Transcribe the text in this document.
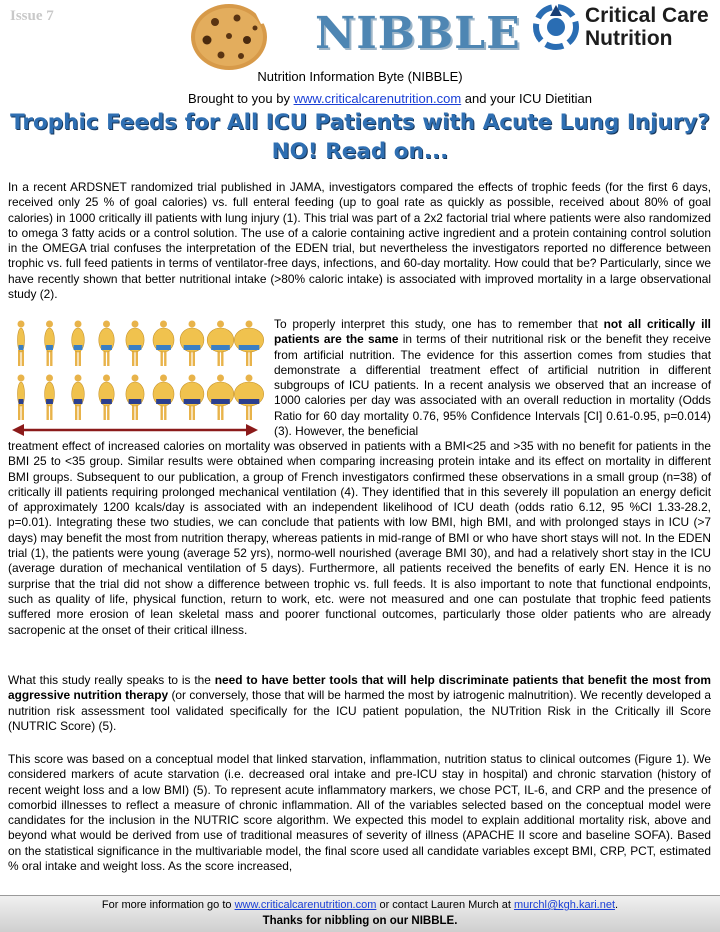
Issue 7	NIBBLE	Critical Care
Nutrition
Nutrition Information Byte (NIBBLE)
Brought to you by www.criticalcarenutrition.com and your ICU Dietitian
Trophic Feeds for All ICU Patients with Acute Lung Injury?
NO! Read on...

In a recent ARDSNET randomized trial published in JAMA, investigators compared the effects of trophic feeds (for the first 6 days, received only 25 % of goal calories) vs. full enteral feeding (up to goal rate as quickly as possible, received about 80% of goal calories) in 1000 critically ill patients with lung injury (1). This trial was part of a 2x2 factorial trial where patients were also randomized to omega 3 fatty acids or a control solution. The use of a calorie containing active ingredient and a protein containing control solution in the OMEGA trial confuses the interpretation of the EDEN trial, but nevertheless the investigators reported no difference between trophic vs. full feed patients in terms of ventilator-free days, infections, and 60-day mortality. How could that be? Particularly, since we have recently shown that better nutritional intake (>80% caloric intake) is associated with improved mortality in a large observational study (2).

To properly interpret this study, one has to remember that not all critically ill patients are the same in terms of their nutritional risk or the benefit they receive from artificial nutrition. The evidence for this assertion comes from studies that demonstrate a differential treatment effect of artificial nutrition in different subgroups of ICU patients. In a recent analysis we observed that an increase of 1000 calories per day was associated with an overall reduction in mortality (Odds Ratio for 60 day mortality 0.76, 95% Confidence Intervals [CI] 0.61-0.95, p=0.014) (3). However, the beneficial

treatment effect of increased calories on mortality was observed in patients with a BMI<25 and >35 with no benefit for patients in the BMI 25 to <35 group. Similar results were obtained when comparing increasing protein intake and its effect on mortality in different BMI groups. Subsequent to our publication, a group of French investigators confirmed these observations in a small group (n=38) of critically ill patients requiring prolonged mechanical ventilation (4). They identified that in this severely ill population an energy deficit of approximately 1200 kcals/day is associated with an independent likelihood of ICU death (odds ratio 6.12, 95 %CI 1.33-28.2, p=0.01). Integrating these two studies, we can conclude that patients with low BMI, high BMI, and with prolonged stays in ICU (>7 days) may benefit the most from nutrition therapy, whereas patients in mid-range of BMI or who have short stays will not. In the EDEN trial (1), the patients were young (average 52 yrs), normo-well nourished (average BMI 30), and had a relatively short stay in the ICU (average duration of mechanical ventilation of 5 days). Furthermore, all patients received the benefits of early EN. Hence it is no surprise that the trial did not show a difference between trophic vs. full feeds. It is also important to note that functional endpoints, such as quality of life, physical function, return to work, etc. were not measured and one can postulate that trophic feed patients suffered more erosion of lean skeletal mass and poorer functional outcomes, particularly those older patients who are already sacropenic at the onset of their critical illness.

What this study really speaks to is the need to have better tools that will help discriminate patients that benefit the most from aggressive nutrition therapy (or conversely, those that will be harmed the most by iatrogenic malnutrition). We recently developed a nutrition risk assessment tool validated specifically for the ICU patient population, the NUTrition Risk in the Critically ill Score (NUTRIC Score) (5).

This score was based on a conceptual model that linked starvation, inflammation, nutrition status to clinical outcomes (Figure 1). We considered markers of acute starvation (i.e. decreased oral intake and pre-ICU stay in hospital) and chronic starvation (history of recent weight loss and a low BMI) (5). To represent acute inflammatory markers, we chose PCT, IL-6, and CRP and the presence of comorbid illnesses to reflect a measure of chronic inflammation. All of the variables selected based on the conceptual model were candidates for the inclusion in the NUTRIC score algorithm. We expected this model to explain additional mortality risk, above and beyond what would be derived from use of traditional measures of severity of illness (APACHE II score and baseline SOFA). Based on the statistical significance in the multivariable model, the final score used all candidate variables except BMI, CRP, PCT, estimated % oral intake and weight loss. As the score increased,

For more information go to www.criticalcarenutrition.com or contact Lauren Murch at murchl@kgh.kari.net.
Thanks for nibbling on our NIBBLE.
